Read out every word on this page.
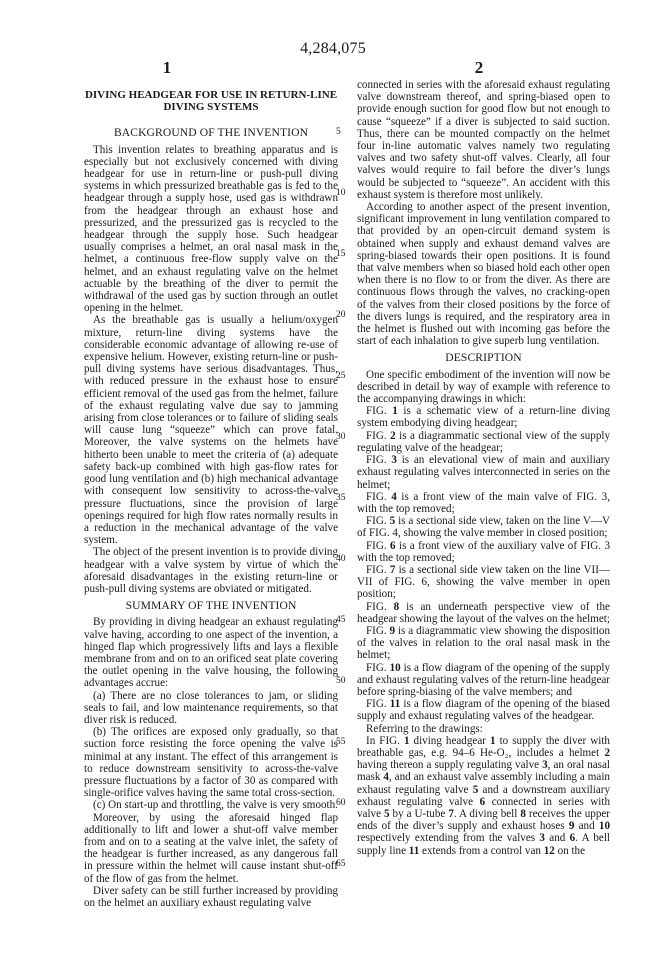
4,284,075
1	2
DIVING HEADGEAR FOR USE IN RETURN-LINE DIVING SYSTEMS
BACKGROUND OF THE INVENTION

This invention relates to breathing apparatus and is especially but not exclusively concerned with diving headgear for use in return-line or push-pull diving systems in which pressurized breathable gas is fed to the headgear through a supply hose, used gas is withdrawn from the headgear through an exhaust hose and pressurized, and the pressurized gas is recycled to the headgear through the supply hose. Such headgear usually comprises a helmet, an oral nasal mask in the helmet, a continuous free-flow supply valve on the helmet, and an exhaust regulating valve on the helmet actuable by the breathing of the diver to permit the withdrawal of the used gas by suction through an outlet opening in the helmet.

As the breathable gas is usually a helium/oxygen mixture, return-line diving systems have the considerable economic advantage of allowing re-use of expensive helium. However, existing return-line or push-pull diving systems have serious disadvantages. Thus, with reduced pressure in the exhaust hose to ensure efficient removal of the used gas from the helmet, failure of the exhaust regulating valve due say to jamming arising from close tolerances or to failure of sliding seals will cause lung “squeeze” which can prove fatal. Moreover, the valve systems on the helmets have hitherto been unable to meet the criteria of (a) adequate safety back-up combined with high gas-flow rates for good lung ventilation and (b) high mechanical advantage with consequent low sensitivity to across-the-valve pressure fluctuations, since the provision of large openings required for high flow rates normally results in a reduction in the mechanical advantage of the valve system.

The object of the present invention is to provide diving headgear with a valve system by virtue of which the aforesaid disadvantages in the existing return-line or push-pull diving systems are obviated or mitigated.

SUMMARY OF THE INVENTION

By providing in diving headgear an exhaust regulating valve having, according to one aspect of the invention, a hinged flap which progressively lifts and lays a flexible membrane from and on to an orificed seat plate covering the outlet opening in the valve housing, the following advantages accrue:

(a) There are no close tolerances to jam, or sliding seals to fail, and low maintenance requirements, so that diver risk is reduced.

(b) The orifices are exposed only gradually, so that suction force resisting the force opening the valve is minimal at any instant. The effect of this arrangement is to reduce downstream sensitivity to across-the-valve pressure fluctuations by a factor of 30 as compared with single-orifice valves having the same total cross-section.

(c) On start-up and throttling, the valve is very smooth.

Moreover, by using the aforesaid hinged flap additionally to lift and lower a shut-off valve member from and on to a seating at the valve inlet, the safety of the headgear is further increased, as any dangerous fall in pressure within the helmet will cause instant shut-off of the flow of gas from the helmet.

Diver safety can be still further increased by providing on the helmet an auxiliary exhaust regulating valve

5
10
15
20
25
30
35
40
45
50
55
60
65

connected in series with the aforesaid exhaust regulating valve downstream thereof, and spring-biased open to provide enough suction for good flow but not enough to cause “squeeze” if a diver is subjected to said suction. Thus, there can be mounted compactly on the helmet four in-line automatic valves namely two regulating valves and two safety shut-off valves. Clearly, all four valves would require to fail before the diver’s lungs would be subjected to “squeeze”. An accident with this exhaust system is therefore most unlikely.

According to another aspect of the present invention, significant improvement in lung ventilation compared to that provided by an open-circuit demand system is obtained when supply and exhaust demand valves are spring-biased towards their open positions. It is found that valve members when so biased hold each other open when there is no flow to or from the diver. As there are continuous flows through the valves, no cracking-open of the valves from their closed positions by the force of the divers lungs is required, and the respiratory area in the helmet is flushed out with incoming gas before the start of each inhalation to give superb lung ventilation.

DESCRIPTION

One specific embodiment of the invention will now be described in detail by way of example with reference to the accompanying drawings in which:

FIG. 1 is a schematic view of a return-line diving system embodying diving headgear;

FIG. 2 is a diagrammatic sectional view of the supply regulating valve of the headgear;

FIG. 3 is an elevational view of main and auxiliary exhaust regulating valves interconnected in series on the helmet;

FIG. 4 is a front view of the main valve of FIG. 3, with the top removed;

FIG. 5 is a sectional side view, taken on the line V—V of FIG. 4, showing the valve member in closed position;

FIG. 6 is a front view of the auxiliary valve of FIG. 3 with the top removed;

FIG. 7 is a sectional side view taken on the line VII—VII of FIG. 6, showing the valve member in open position;

FIG. 8 is an underneath perspective view of the headgear showing the layout of the valves on the helmet;

FIG. 9 is a diagrammatic view showing the disposition of the valves in relation to the oral nasal mask in the helmet;

FIG. 10 is a flow diagram of the opening of the supply and exhaust regulating valves of the return-line headgear before spring-biasing of the valve members; and

FIG. 11 is a flow diagram of the opening of the biased supply and exhaust regulating valves of the headgear.

Referring to the drawings:

In FIG. 1 diving headgear 1 to supply the diver with breathable gas, e.g. 94–6 He-O₂, includes a helmet 2 having thereon a supply regulating valve 3, an oral nasal mask 4, and an exhaust valve assembly including a main exhaust regulating valve 5 and a downstream auxiliary exhaust regulating valve 6 connected in series with valve 5 by a U-tube 7. A diving bell 8 receives the upper ends of the diver’s supply and exhaust hoses 9 and 10 respectively extending from the valves 3 and 6. A bell supply line 11 extends from a control van 12 on the
